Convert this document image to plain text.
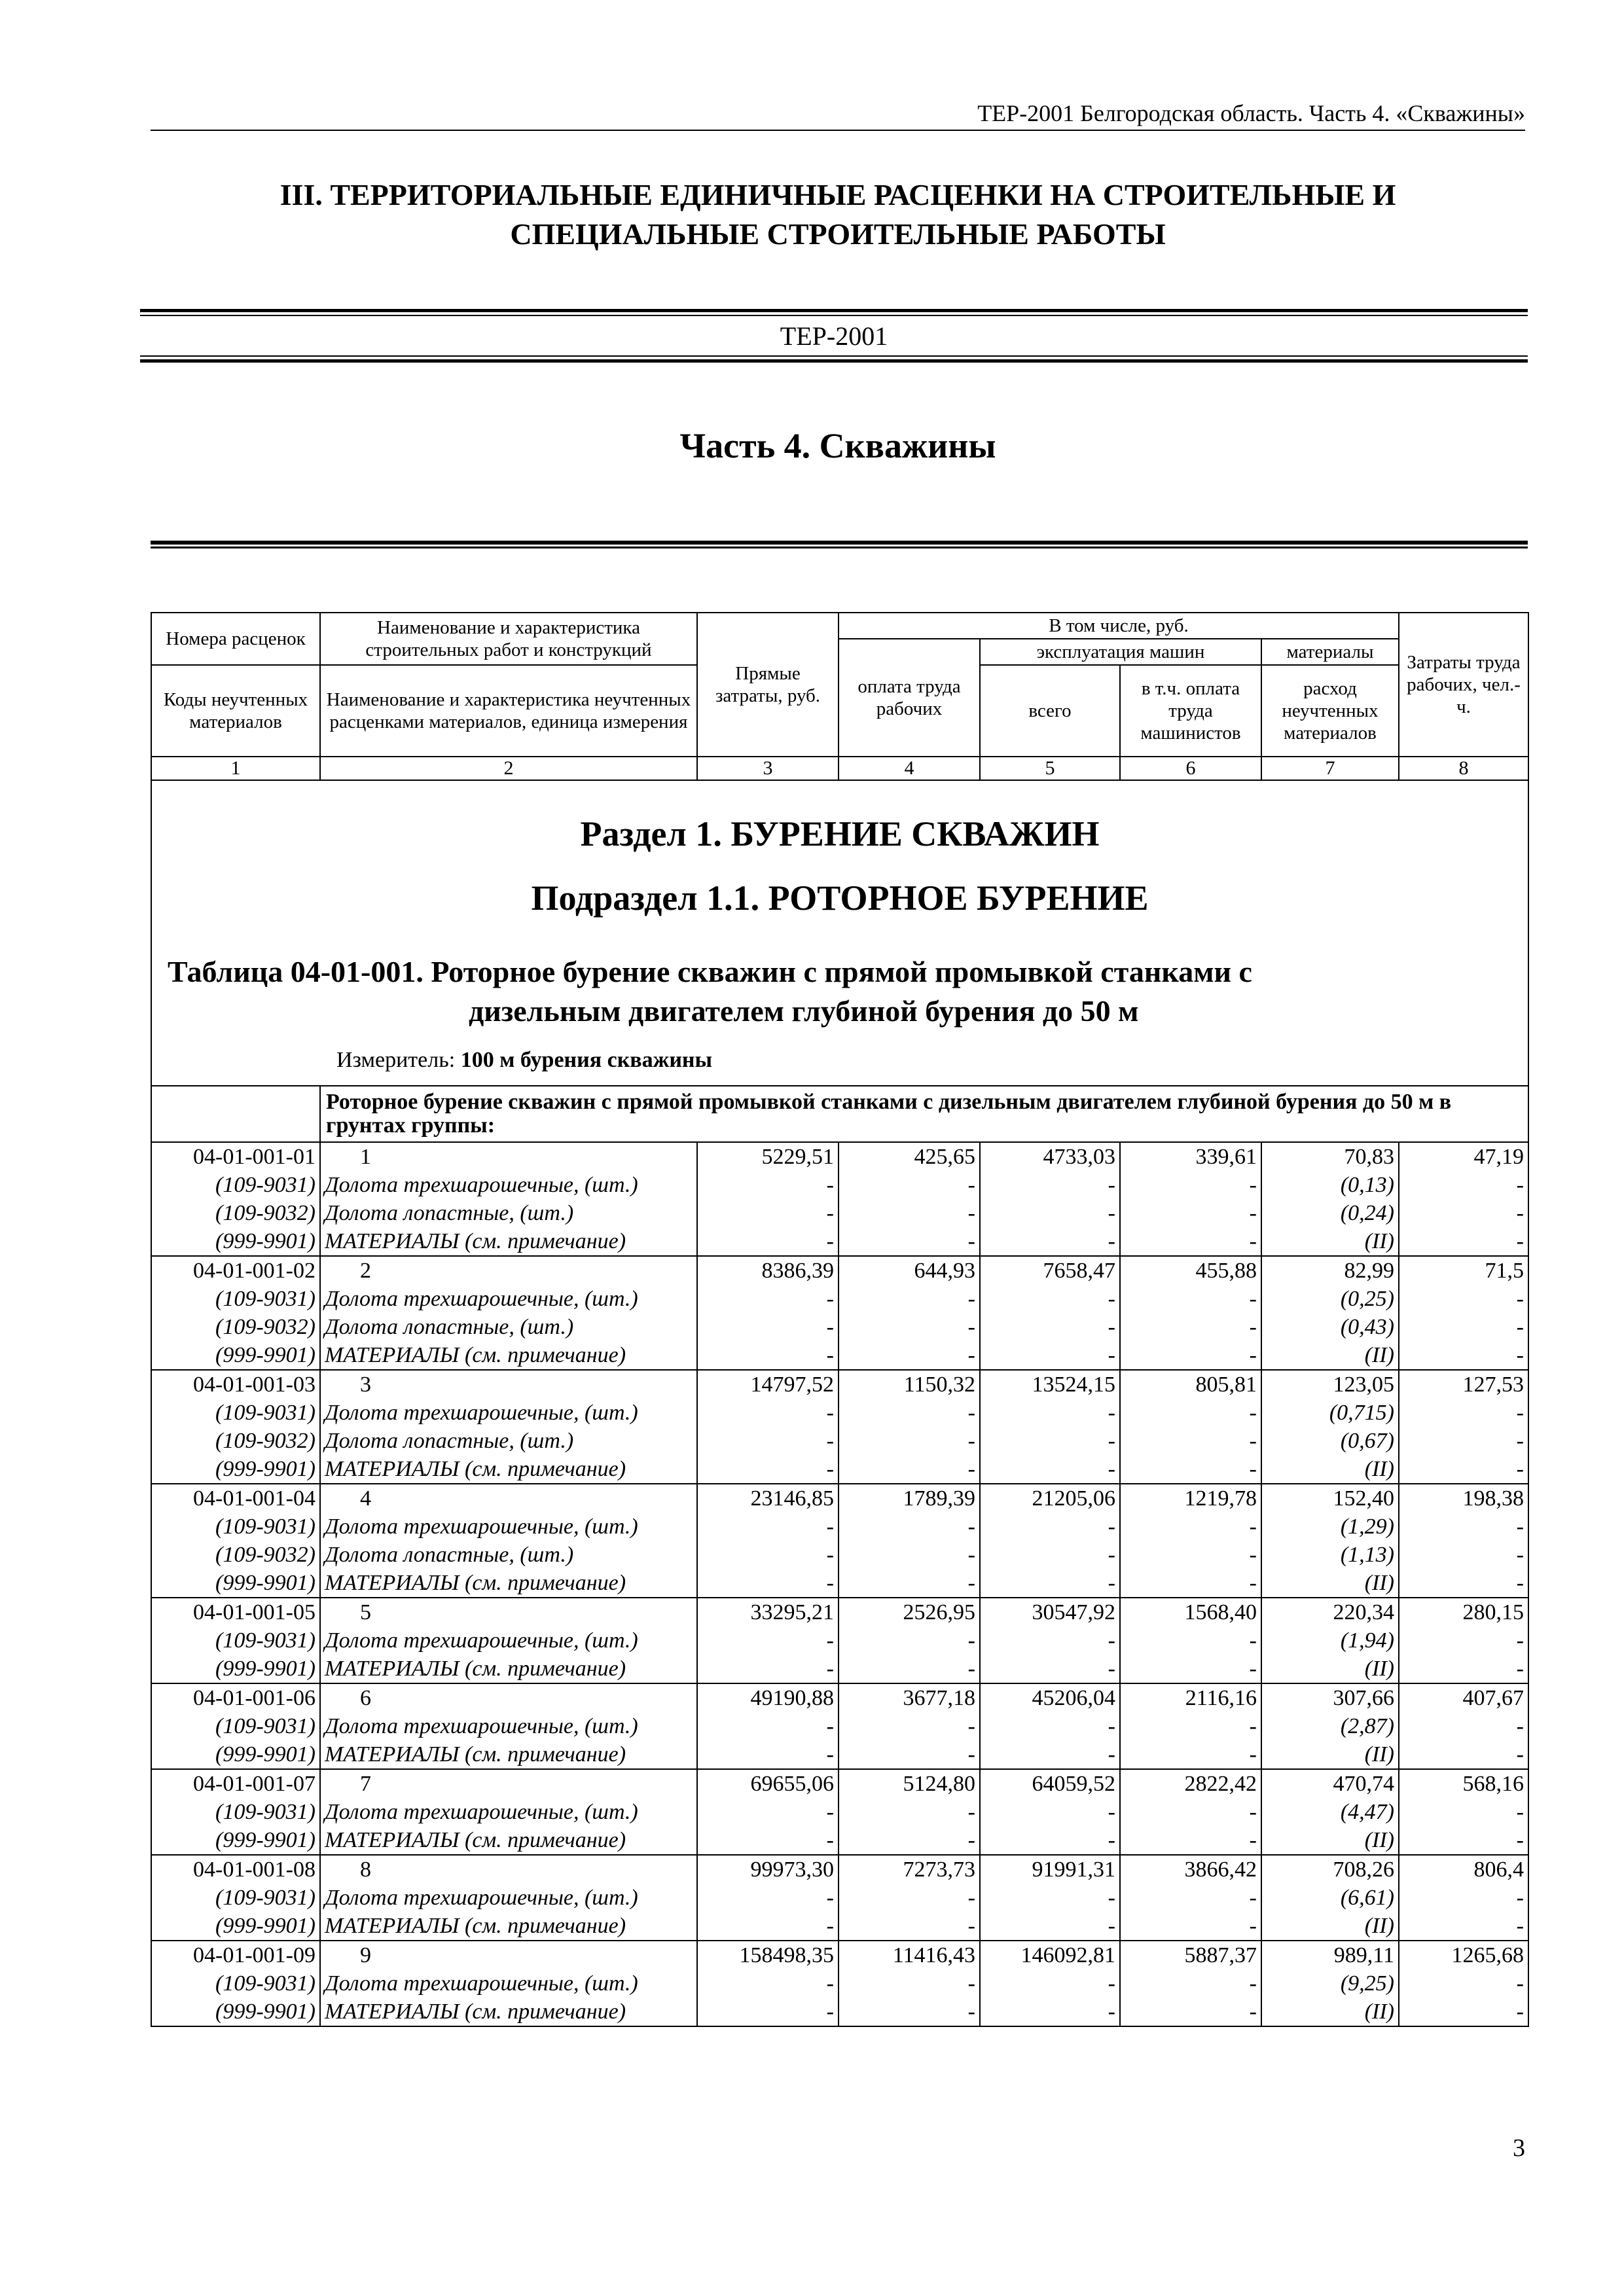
ТЕР-2001 Белгородская область. Часть 4. «Скважины»
III. ТЕРРИТОРИАЛЬНЫЕ ЕДИНИЧНЫЕ РАСЦЕНКИ НА СТРОИТЕЛЬНЫЕ И
СПЕЦИАЛЬНЫЕ СТРОИТЕЛЬНЫЕ РАБОТЫ
ТЕР-2001
Часть 4. Скважины
Номера расценок	Наименование и характеристика строительных работ и конструкций	Прямые затраты, руб.	В том числе, руб.				Затраты труда рабочих, чел.-ч.
			оплата труда рабочих	эксплуатация машин		материалы	
Коды неучтенных материалов	Наименование и характеристика неучтенных расценками материалов, единица измерения			всего	в т.ч. оплата труда машинистов	расход неучтенных материалов	

1	2	3	4	5	6	7	8

Раздел 1. БУРЕНИЕ СКВАЖИН
Подраздел 1.1. РОТОРНОЕ БУРЕНИЕ
Таблица 04-01-001. Роторное бурение скважин с прямой промывкой станками с
дизельным двигателем глубиной бурения до 50 м
Измеритель: 100 м бурения скважины							

	Роторное бурение скважин с прямой промывкой станками с дизельным двигателем глубиной бурения до 50 м в грунтах группы:						
04-01-001-01	1	5229,51	425,65	4733,03	339,61	70,83	47,19
(109-9031)	Долота трехшарошечные, (шт.)	-	-	-	-	(0,13)	-
(109-9032)	Долота лопастные, (шт.)	-	-	-	-	(0,24)	-
(999-9901)	МАТЕРИАЛЫ (см. примечание)	-	-	-	-	(II)	-
04-01-001-02	2	8386,39	644,93	7658,47	455,88	82,99	71,5
(109-9031)	Долота трехшарошечные, (шт.)	-	-	-	-	(0,25)	-
(109-9032)	Долота лопастные, (шт.)	-	-	-	-	(0,43)	-
(999-9901)	МАТЕРИАЛЫ (см. примечание)	-	-	-	-	(II)	-
04-01-001-03	3	14797,52	1150,32	13524,15	805,81	123,05	127,53
(109-9031)	Долота трехшарошечные, (шт.)	-	-	-	-	(0,715)	-
(109-9032)	Долота лопастные, (шт.)	-	-	-	-	(0,67)	-
(999-9901)	МАТЕРИАЛЫ (см. примечание)	-	-	-	-	(II)	-
04-01-001-04	4	23146,85	1789,39	21205,06	1219,78	152,40	198,38
(109-9031)	Долота трехшарошечные, (шт.)	-	-	-	-	(1,29)	-
(109-9032)	Долота лопастные, (шт.)	-	-	-	-	(1,13)	-
(999-9901)	МАТЕРИАЛЫ (см. примечание)	-	-	-	-	(II)	-
04-01-001-05	5	33295,21	2526,95	30547,92	1568,40	220,34	280,15
(109-9031)	Долота трехшарошечные, (шт.)	-	-	-	-	(1,94)	-
(999-9901)	МАТЕРИАЛЫ (см. примечание)	-	-	-	-	(II)	-
04-01-001-06	6	49190,88	3677,18	45206,04	2116,16	307,66	407,67
(109-9031)	Долота трехшарошечные, (шт.)	-	-	-	-	(2,87)	-
(999-9901)	МАТЕРИАЛЫ (см. примечание)	-	-	-	-	(II)	-
04-01-001-07	7	69655,06	5124,80	64059,52	2822,42	470,74	568,16
(109-9031)	Долота трехшарошечные, (шт.)	-	-	-	-	(4,47)	-
(999-9901)	МАТЕРИАЛЫ (см. примечание)	-	-	-	-	(II)	-
04-01-001-08	8	99973,30	7273,73	91991,31	3866,42	708,26	806,4
(109-9031)	Долота трехшарошечные, (шт.)	-	-	-	-	(6,61)	-
(999-9901)	МАТЕРИАЛЫ (см. примечание)	-	-	-	-	(II)	-
04-01-001-09	9	158498,35	11416,43	146092,81	5887,37	989,11	1265,68
(109-9031)	Долота трехшарошечные, (шт.)	-	-	-	-	(9,25)	-
(999-9901)	МАТЕРИАЛЫ (см. примечание)	-	-	-	-	(II)	-
3
